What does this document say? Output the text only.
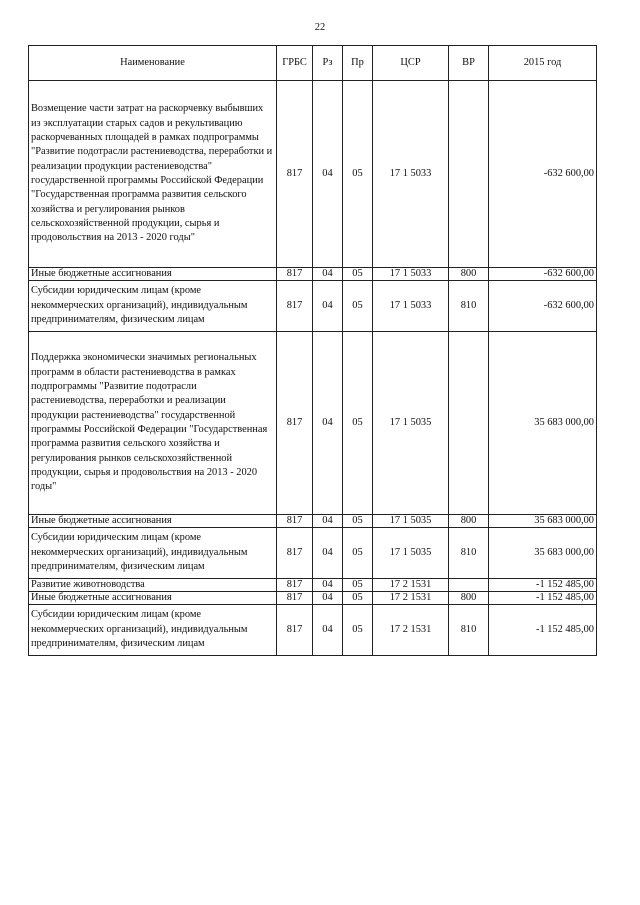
22
Наименование	ГРБС	Рз	Пр	ЦСР	ВР	2015 год
Возмещение части затрат на раскорчевку выбывших из эксплуатации старых садов и рекультивацию раскорчеванных площадей в рамках подпрограммы "Развитие подотрасли растениеводства, переработки и реализации продукции растениеводства" государственной программы Российской Федерации "Государственная программа развития сельского хозяйства и регулирования рынков сельскохозяйственной продукции, сырья и продовольствия на 2013 - 2020 годы"	817	04	05	17 1 5033		-632 600,00
Иные бюджетные ассигнования	817	04	05	17 1 5033	800	-632 600,00
Субсидии юридическим лицам (кроме некоммерческих организаций), индивидуальным предпринимателям, физическим лицам	817	04	05	17 1 5033	810	-632 600,00
Поддержка экономически значимых региональных программ в области растениеводства в рамках подпрограммы "Развитие подотрасли растениеводства, переработки и реализации продукции растениеводства" государственной программы Российской Федерации "Государственная программа развития сельского хозяйства и регулирования рынков сельскохозяйственной продукции, сырья и продовольствия на 2013 - 2020 годы"	817	04	05	17 1 5035		35 683 000,00
Иные бюджетные ассигнования	817	04	05	17 1 5035	800	35 683 000,00
Субсидии юридическим лицам (кроме некоммерческих организаций), индивидуальным предпринимателям, физическим лицам	817	04	05	17 1 5035	810	35 683 000,00
Развитие животноводства	817	04	05	17 2 1531		-1 152 485,00
Иные бюджетные ассигнования	817	04	05	17 2 1531	800	-1 152 485,00
Субсидии юридическим лицам (кроме некоммерческих организаций), индивидуальным предпринимателям, физическим лицам	817	04	05	17 2 1531	810	-1 152 485,00
